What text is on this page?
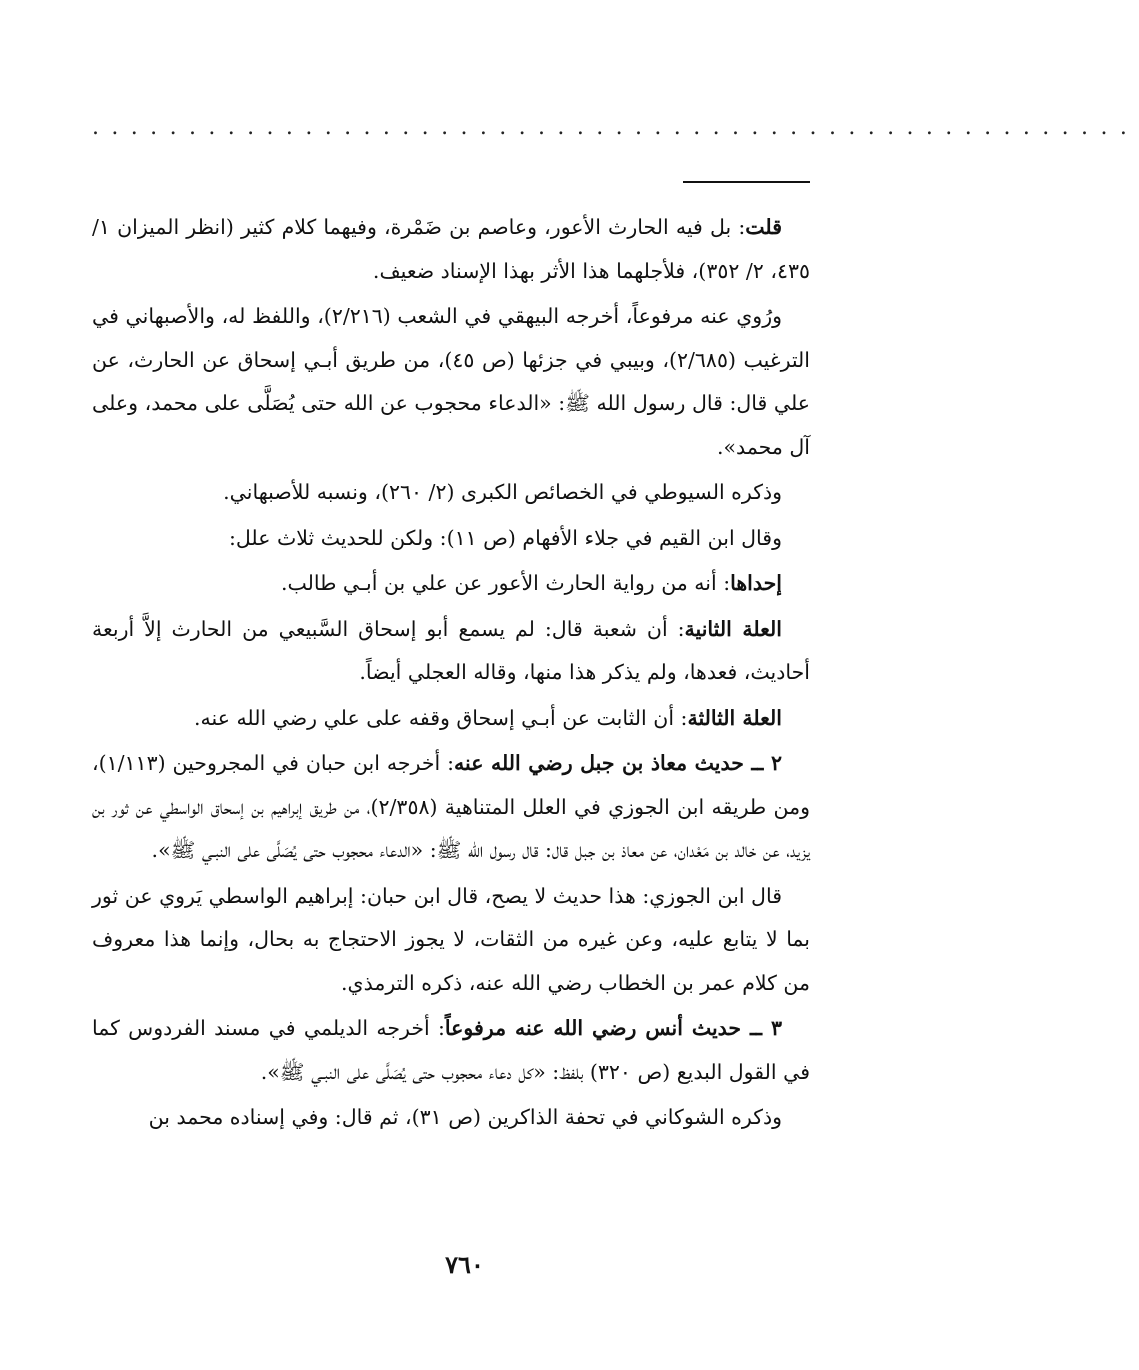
......................................................

قلت: بل فيه الحارث الأعور، وعاصم بن ضَمْرة، وفيهما كلام كثير (انظر الميزان ١/ ٤٣٥، ٢/ ٣٥٢)، فلأجلهما هذا الأثر بهذا الإسناد ضعيف.

ورُوي عنه مرفوعاً، أخرجه البيهقي في الشعب (٢/٢١٦)، واللفظ له، والأصبهاني في الترغيب (٢/٦٨٥)، وبيبي في جزئها (ص ٤٥)، من طريق أبـي إسحاق عن الحارث، عن علي قال: قال رسول الله ﷺ: «الدعاء محجوب عن الله حتى يُصَلَّى على محمد، وعلى آل محمد».

وذكره السيوطي في الخصائص الكبرى (٢/ ٢٦٠)، ونسبه للأصبهاني.

وقال ابن القيم في جلاء الأفهام (ص ١١): ولكن للحديث ثلاث علل:

إحداها: أنه من رواية الحارث الأعور عن علي بن أبـي طالب.

العلة الثانية: أن شعبة قال: لم يسمع أبو إسحاق السَّبيعي من الحارث إلاَّ أربعة أحاديث، فعدها، ولم يذكر هذا منها، وقاله العجلي أيضاً.

العلة الثالثة: أن الثابت عن أبـي إسحاق وقفه على علي رضي الله عنه.

٢ ــ حديث معاذ بن جبل رضي الله عنه: أخرجه ابن حبان في المجروحين (١/١١٣)، ومن طريقه ابن الجوزي في العلل المتناهية (٢/٣٥٨)، من طريق إبراهيم بن إسحاق الواسطي عن ثور بن يزيد، عن خالد بن مَعْدان، عن معاذ بن جبل قال: قال رسول الله ﷺ: «الدعاء محجوب حتى يُصَلَّى على النبـي ﷺ».

قال ابن الجوزي: هذا حديث لا يصح، قال ابن حبان: إبراهيم الواسطي يَروي عن ثور بما لا يتابع عليه، وعن غيره من الثقات، لا يجوز الاحتجاج به بحال، وإنما هذا معروف من كلام عمر بن الخطاب رضي الله عنه، ذكره الترمذي.

٣ ــ حديث أنس رضي الله عنه مرفوعاً: أخرجه الديلمي في مسند الفردوس كما في القول البديع (ص ٣٢٠) بلفظ: «كل دعاء محجوب حتى يُصَلَّى على النبـي ﷺ».

وذكره الشوكاني في تحفة الذاكرين (ص ٣١)، ثم قال: وفي إسناده محمد بن

٧٦٠
